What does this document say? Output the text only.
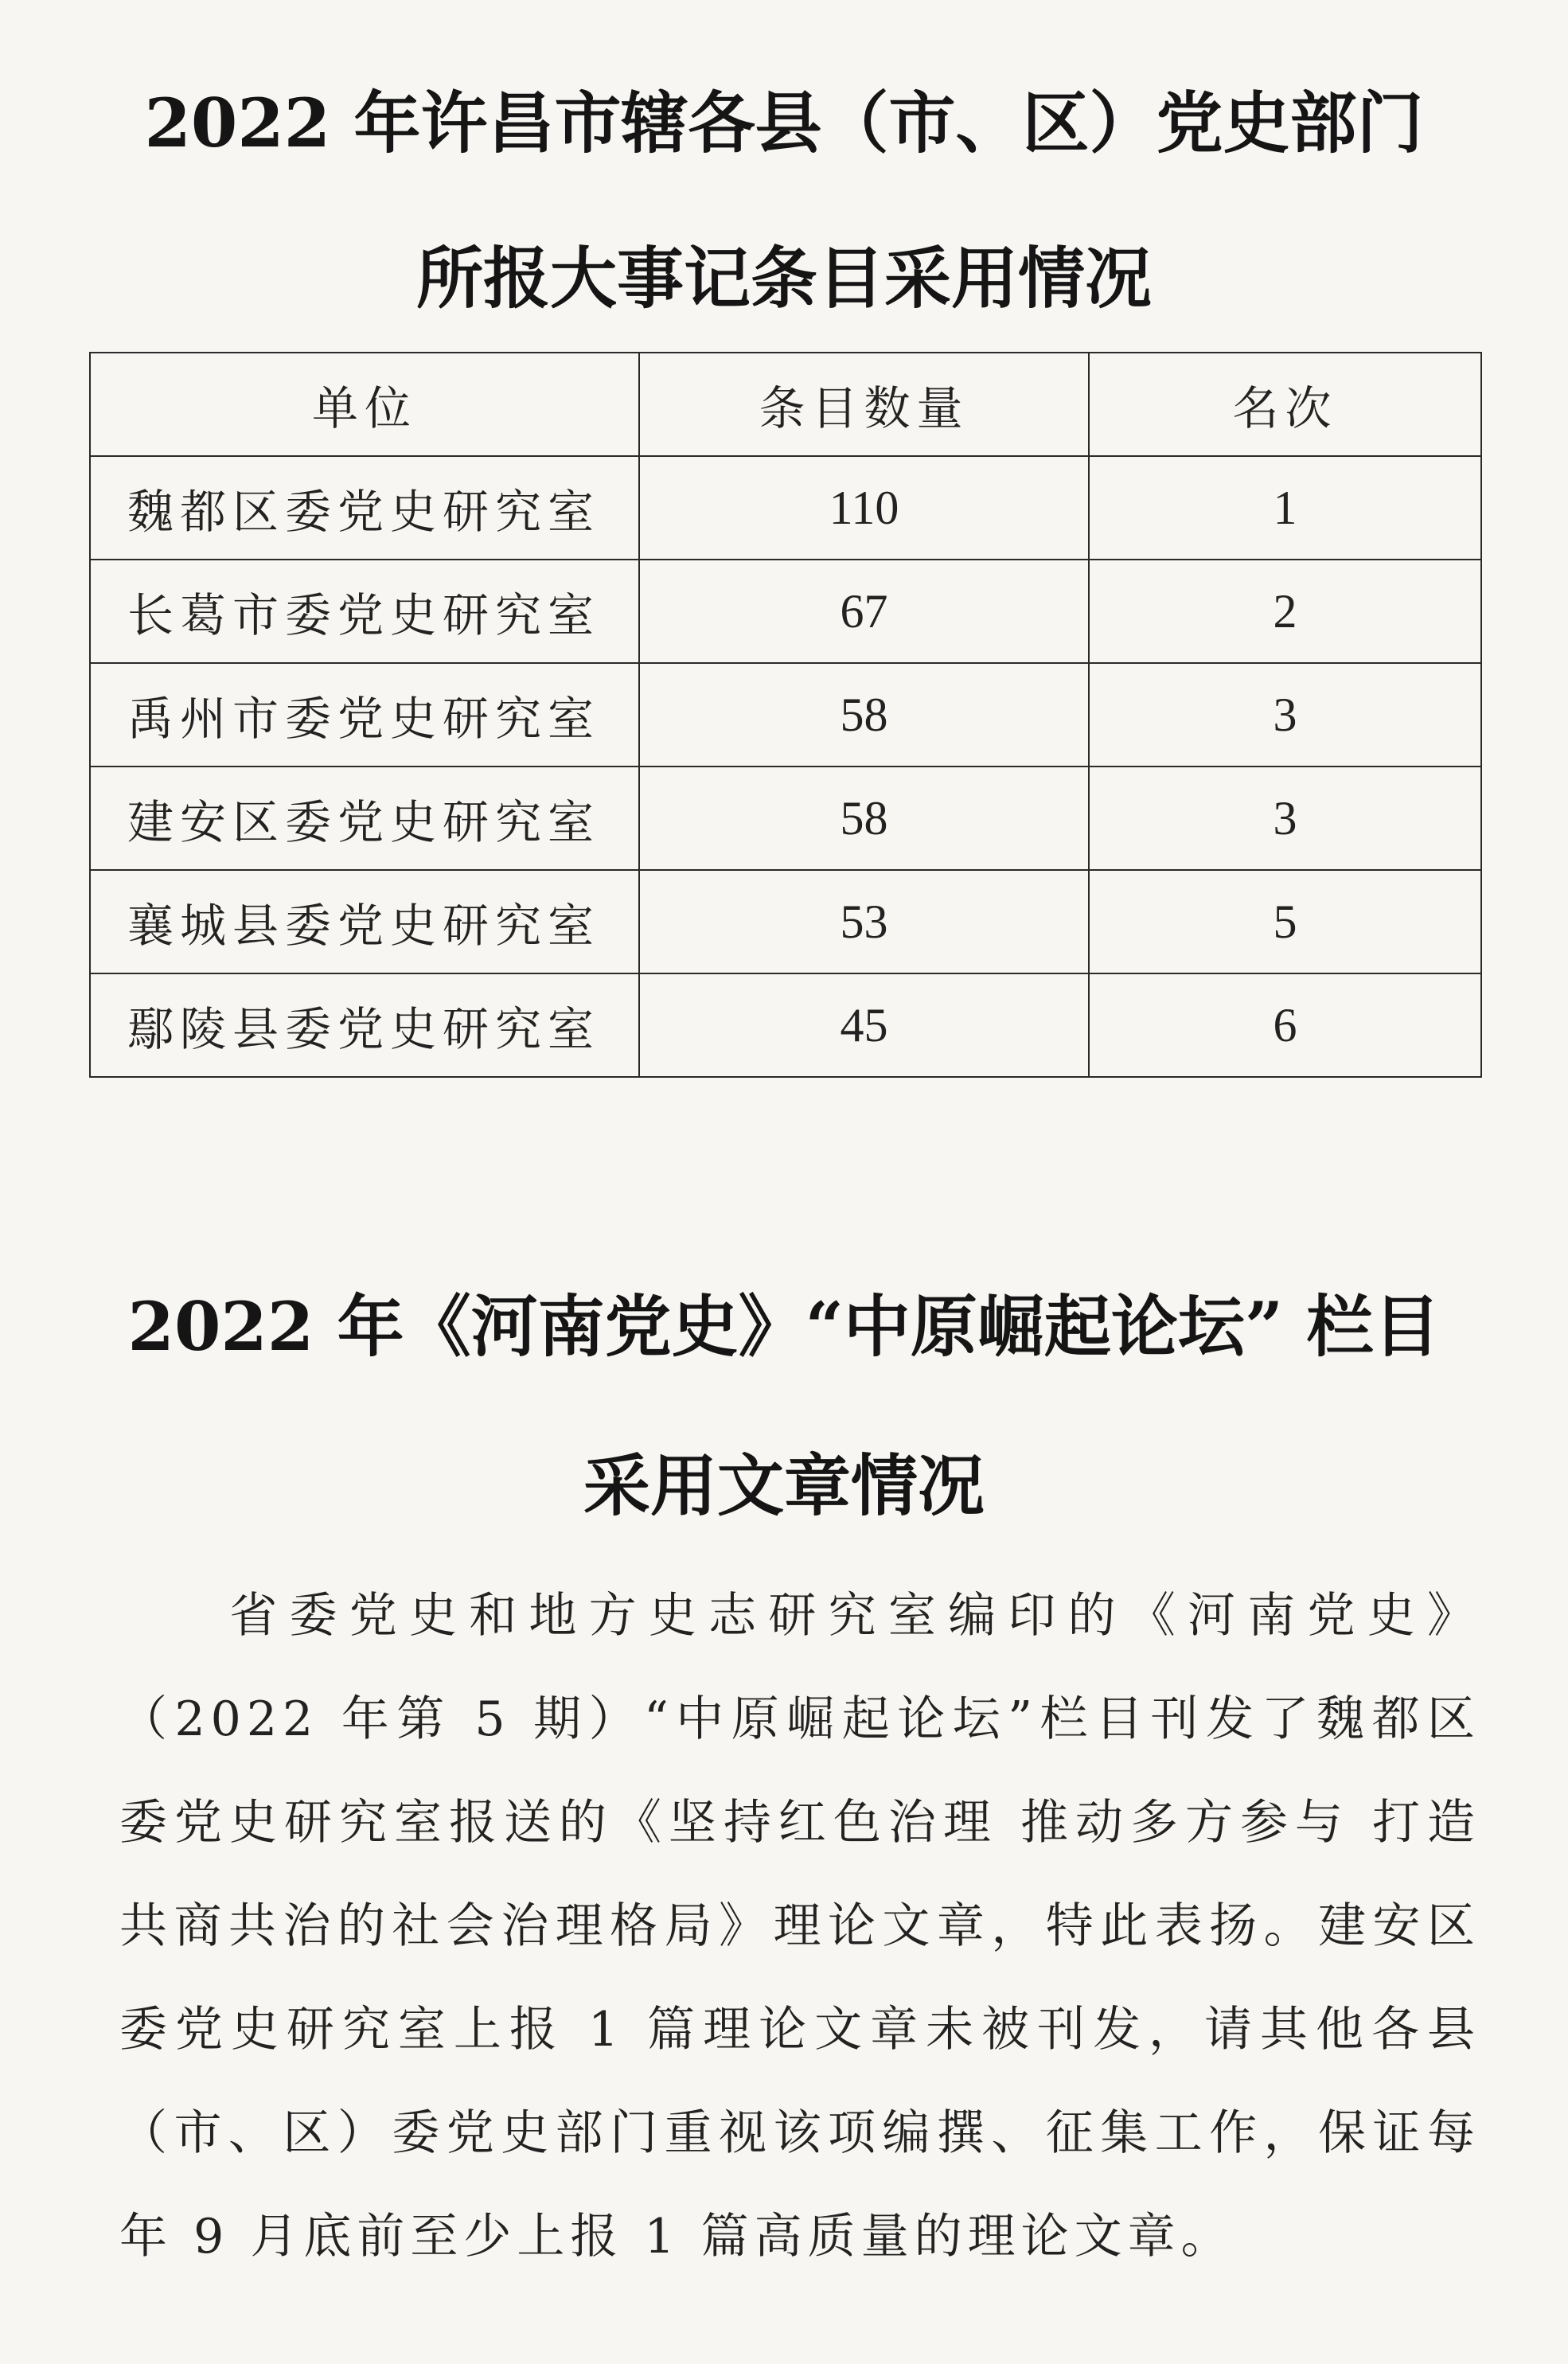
2022 年许昌市辖各县（市、区）党史部门
所报大事记条目采用情况
单位	条目数量	名次
魏都区委党史研究室	110	1
长葛市委党史研究室	67	2
禹州市委党史研究室	58	3
建安区委党史研究室	58	3
襄城县委党史研究室	53	5
鄢陵县委党史研究室	45	6
2022 年《河南党史》“中原崛起论坛” 栏目
采用文章情况
省委党史和地方史志研究室编印的《河南党史》（2022 年第 5 期）“中原崛起论坛”栏目刊发了魏都区委党史研究室报送的《坚持红色治理 推动多方参与 打造共商共治的社会治理格局》理论文章，特此表扬。建安区委党史研究室上报 1 篇理论文章未被刊发，请其他各县（市、区）委党史部门重视该项编撰、征集工作，保证每年 9 月底前至少上报 1 篇高质量的理论文章。
